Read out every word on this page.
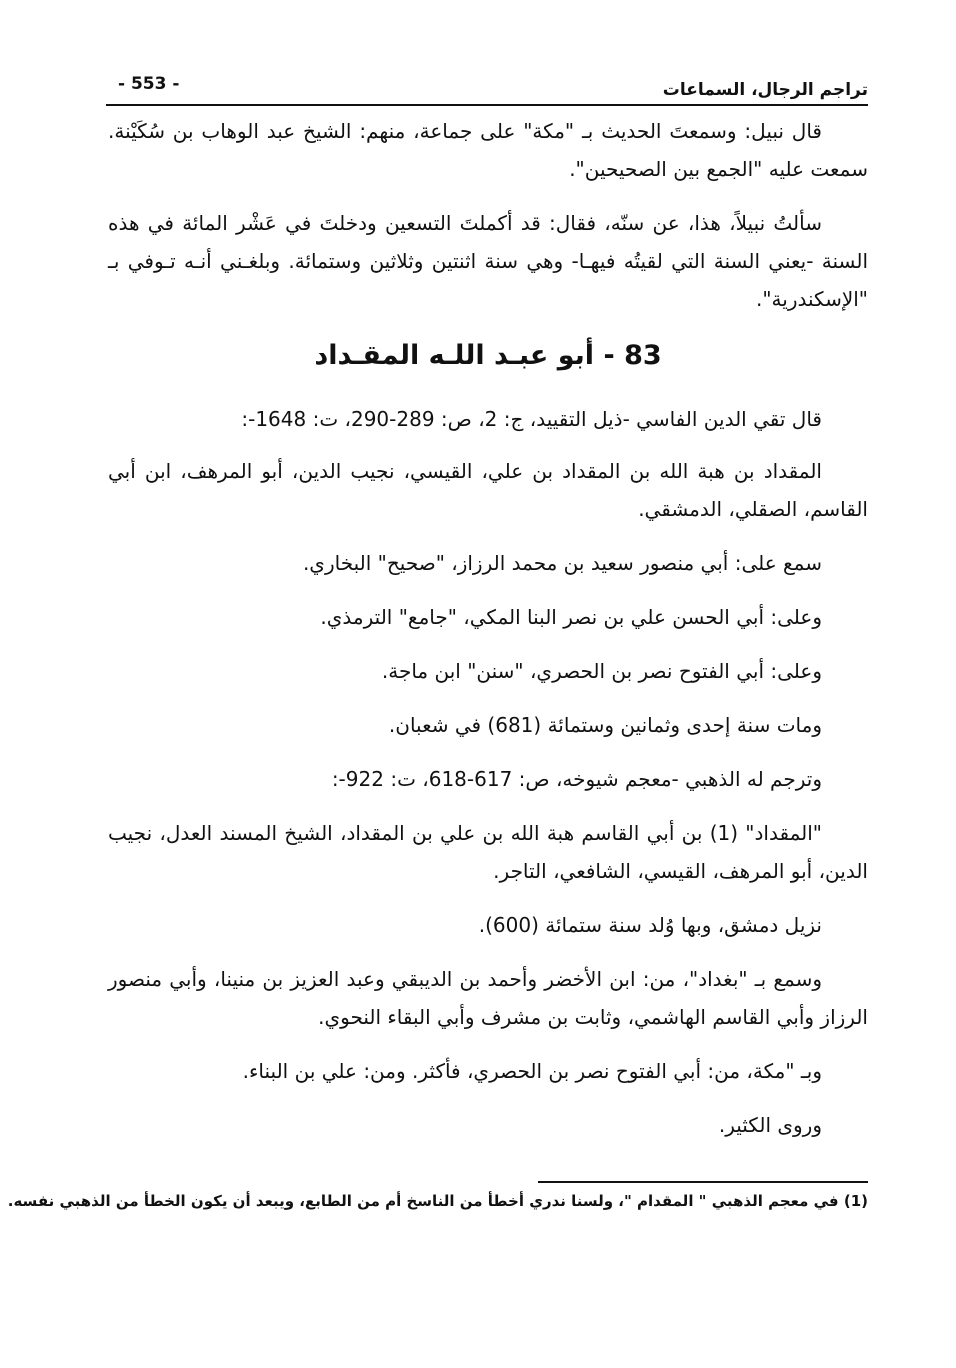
تراجم الرجال، السماعات
- 553 -

قال نبيل: وسمعتَ الحديث بـ "مكة" على جماعة، منهم: الشيخ عبد الوهاب بن سُكَيْنة. سمعت عليه "الجمع بين الصحيحين".

سألتُ نبيلاً، هذا، عن سنّه، فقال: قد أكملتَ التسعين ودخلتَ في عَشْر المائة في هذه السنة -يعني السنة التي لقيتُه فيهـا- وهي سنة اثنتين وثلاثين وستمائة. وبلغـني أنـه تـوفي بـ "الإسكندرية".

83 - أبو عبـد اللـه المقـداد

قال تقي الدين الفاسي -ذيل التقييد، ج: 2، ص: 289-290، ت: 1648-:

المقداد بن هبة الله بن المقداد بن علي، القيسي، نجيب الدين، أبو المرهف، ابن أبي القاسم، الصقلي، الدمشقي.

سمع على: أبي منصور سعيد بن محمد الرزاز، "صحيح" البخاري.

وعلى: أبي الحسن علي بن نصر البنا المكي، "جامع" الترمذي.

وعلى: أبي الفتوح نصر بن الحصري، "سنن" ابن ماجة.

ومات سنة إحدى وثمانين وستمائة (681) في شعبان.

وترجم له الذهبي -معجم شيوخه، ص: 617-618، ت: 922-:

"المقداد" (1) بن أبي القاسم هبة الله بن علي بن المقداد، الشيخ المسند العدل، نجيب الدين، أبو المرهف، القيسي، الشافعي، التاجر.

نزيل دمشق، وبها وُلد سنة ستمائة (600).

وسمع بـ "بغداد"، من: ابن الأخضر وأحمد بن الديبقي وعبد العزيز بن منينا، وأبي منصور الرزاز وأبي القاسم الهاشمي، وثابت بن مشرف وأبي البقاء النحوي.

وبـ "مكة، من: أبي الفتوح نصر بن الحصري، فأكثر. ومن: علي بن البناء.

وروى الكثير.

(1) في معجم الذهبي " المقدام "، ولسنا ندري أخطأ من الناسخ أم من الطابع، ويبعد أن يكون الخطأ من الذهبي نفسه.
